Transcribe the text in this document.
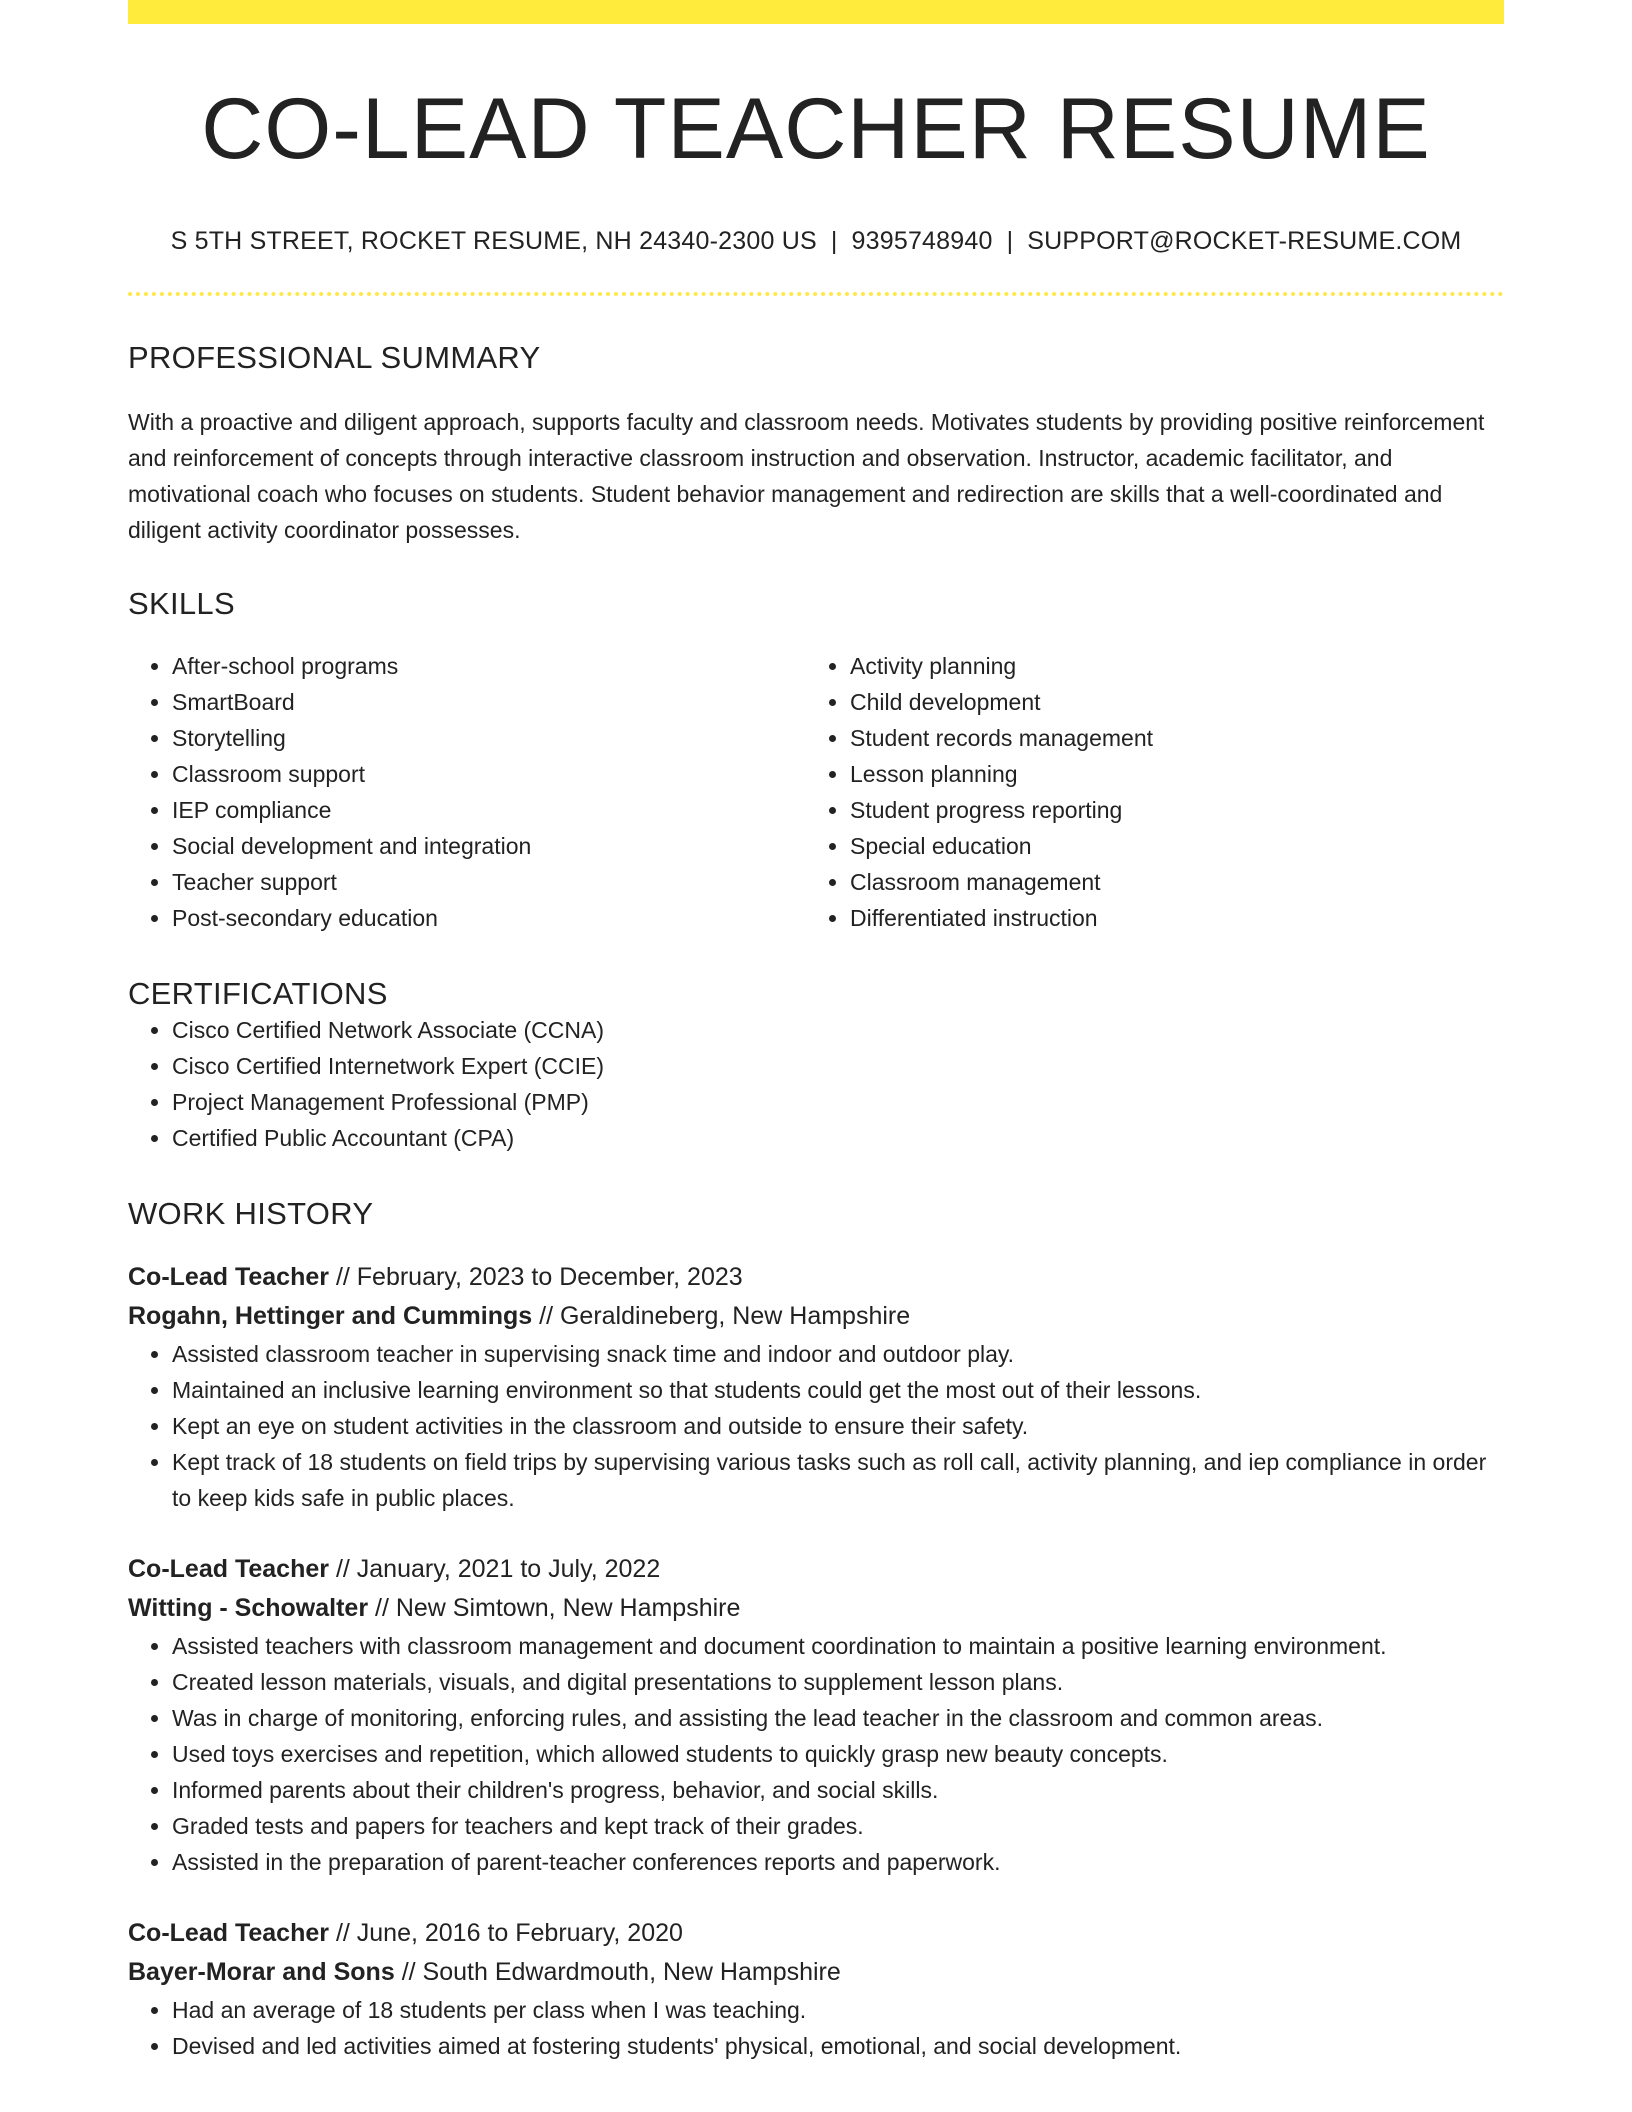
CO-LEAD TEACHER RESUME
S 5TH STREET, ROCKET RESUME, NH 24340-2300 US | 9395748940 | SUPPORT@ROCKET-RESUME.COM
PROFESSIONAL SUMMARY

With a proactive and diligent approach, supports faculty and classroom needs. Motivates students by providing positive reinforcement and reinforcement of concepts through interactive classroom instruction and observation. Instructor, academic facilitator, and motivational coach who focuses on students. Student behavior management and redirection are skills that a well-coordinated and diligent activity coordinator possesses.

SKILLS
• After-school programs
• SmartBoard
• Storytelling
• Classroom support
• IEP compliance
• Social development and integration
• Teacher support
• Post-secondary education
• Activity planning
• Child development
• Student records management
• Lesson planning
• Student progress reporting
• Special education
• Classroom management
• Differentiated instruction
CERTIFICATIONS
• Cisco Certified Network Associate (CCNA)
• Cisco Certified Internetwork Expert (CCIE)
• Project Management Professional (PMP)
• Certified Public Accountant (CPA)
WORK HISTORY
Co-Lead Teacher // February, 2023 to December, 2023
Rogahn, Hettinger and Cummings // Geraldineberg, New Hampshire
• Assisted classroom teacher in supervising snack time and indoor and outdoor play.
• Maintained an inclusive learning environment so that students could get the most out of their lessons.
• Kept an eye on student activities in the classroom and outside to ensure their safety.
• Kept track of 18 students on field trips by supervising various tasks such as roll call, activity planning, and iep compliance in order to keep kids safe in public places.
Co-Lead Teacher // January, 2021 to July, 2022
Witting - Schowalter // New Simtown, New Hampshire
• Assisted teachers with classroom management and document coordination to maintain a positive learning environment.
• Created lesson materials, visuals, and digital presentations to supplement lesson plans.
• Was in charge of monitoring, enforcing rules, and assisting the lead teacher in the classroom and common areas.
• Used toys exercises and repetition, which allowed students to quickly grasp new beauty concepts.
• Informed parents about their children's progress, behavior, and social skills.
• Graded tests and papers for teachers and kept track of their grades.
• Assisted in the preparation of parent-teacher conferences reports and paperwork.
Co-Lead Teacher // June, 2016 to February, 2020
Bayer-Morar and Sons // South Edwardmouth, New Hampshire
• Had an average of 18 students per class when I was teaching.
• Devised and led activities aimed at fostering students' physical, emotional, and social development.
